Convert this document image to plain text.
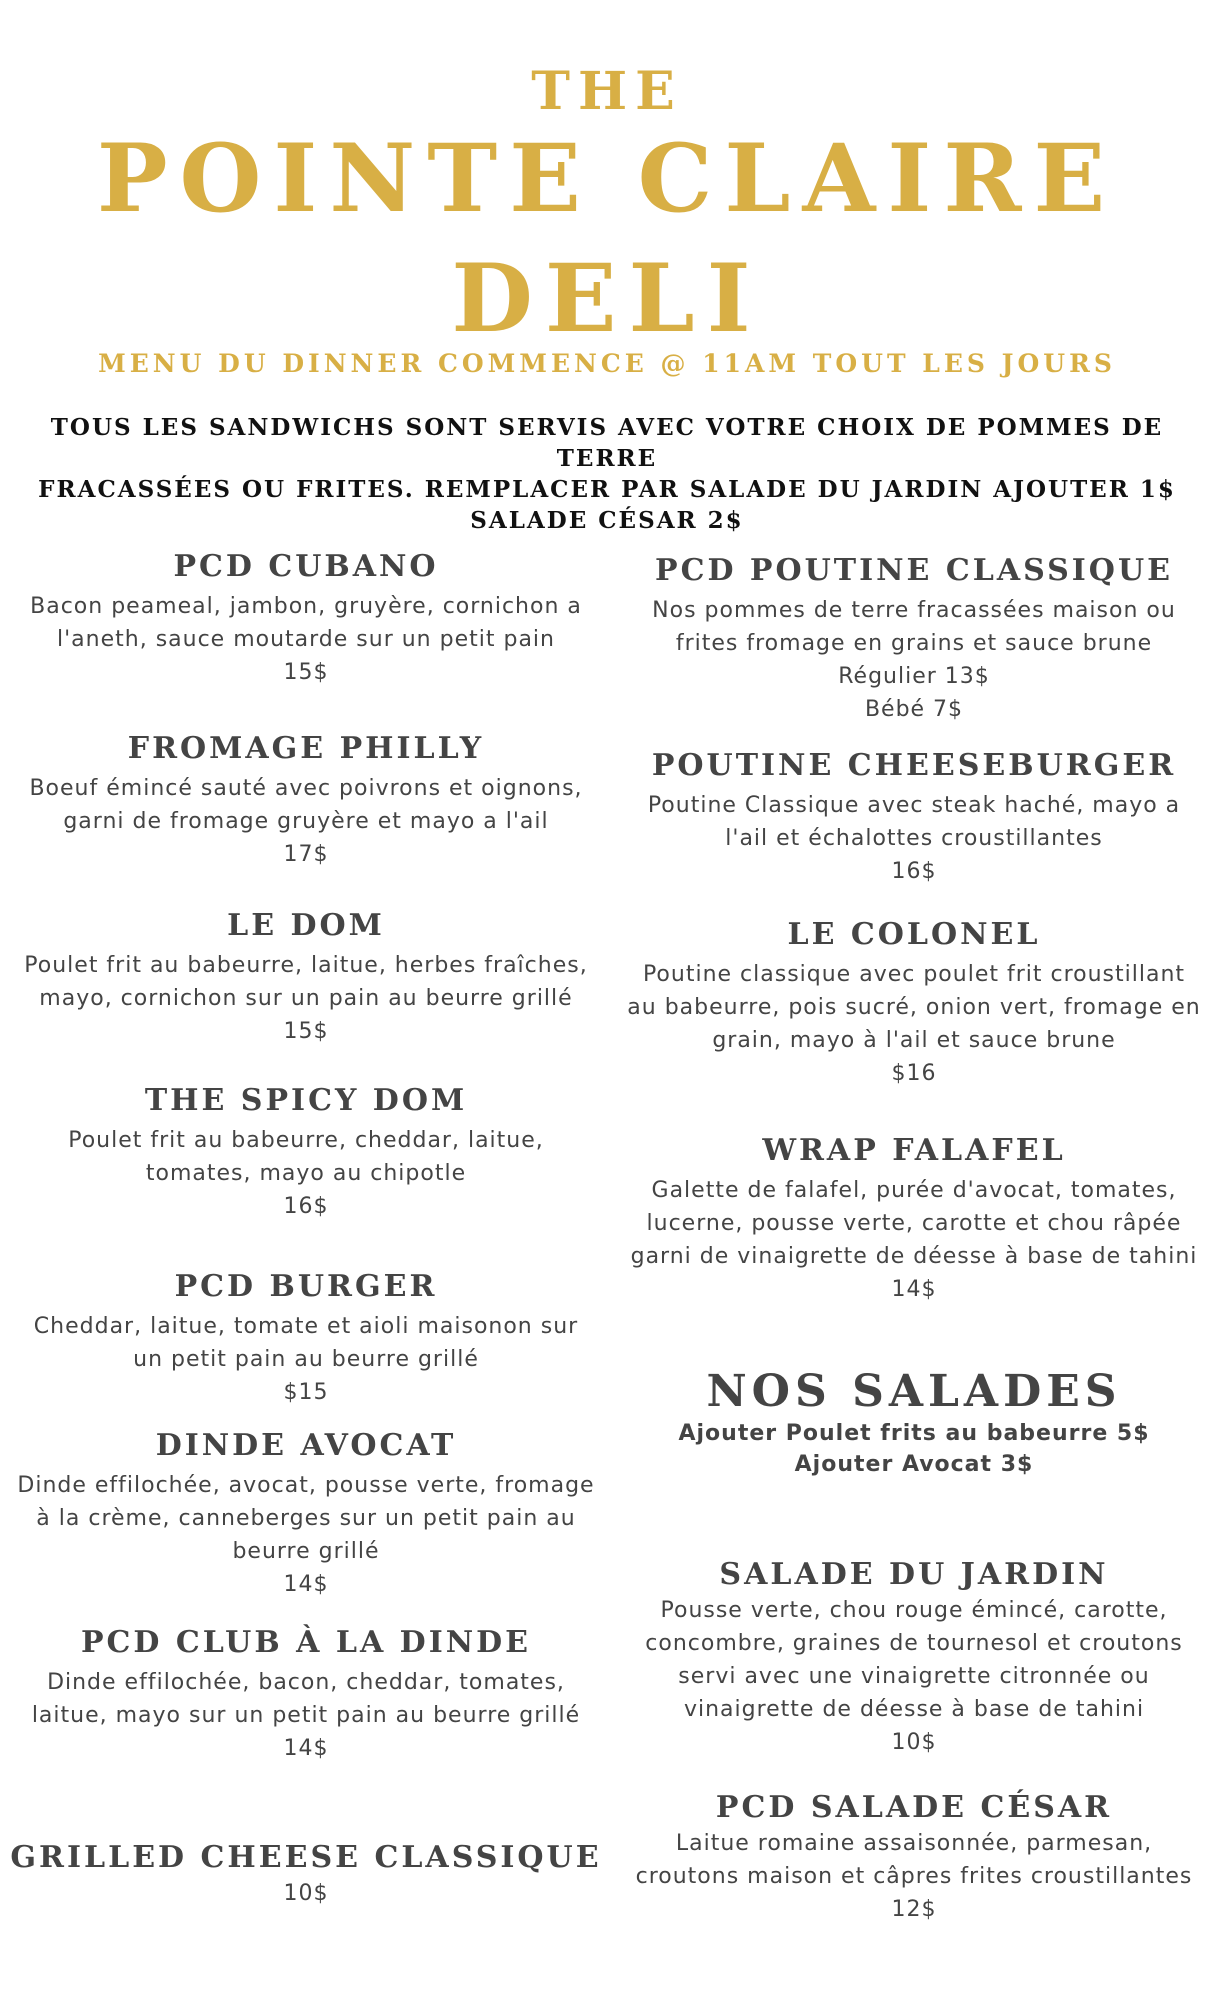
THE
POINTE CLAIRE
DELI
MENU DU DINNER COMMENCE @ 11AM TOUT LES JOURS
TOUS LES SANDWICHS SONT SERVIS AVEC VOTRE CHOIX DE POMMES DE TERRE
FRACASSÉES OU FRITES. REMPLACER PAR SALADE DU JARDIN AJOUTER 1$
SALADE CÉSAR 2$

PCD CUBANO

Bacon peameal, jambon, gruyère, cornichon a
l'aneth, sauce moutarde sur un petit pain

15$

FROMAGE PHILLY

Boeuf émincé sauté avec poivrons et oignons,
garni de fromage gruyère et mayo a l'ail

17$

LE DOM

Poulet frit au babeurre, laitue, herbes fraîches,
mayo, cornichon sur un pain au beurre grillé

15$

THE SPICY DOM

Poulet frit au babeurre, cheddar, laitue,
tomates, mayo au chipotle

16$

PCD BURGER

Cheddar, laitue, tomate et aioli maisonon sur
un petit pain au beurre grillé

$15

DINDE AVOCAT

Dinde effilochée, avocat, pousse verte, fromage
à la crème, canneberges sur un petit pain au
beurre grillé

14$

PCD CLUB À LA DINDE

Dinde effilochée, bacon, cheddar, tomates,
laitue, mayo sur un petit pain au beurre grillé

14$

GRILLED CHEESE CLASSIQUE

10$

PCD POUTINE CLASSIQUE

Nos pommes de terre fracassées maison ou
frites fromage en grains et sauce brune
Régulier 13$

Bébé 7$

POUTINE CHEESEBURGER

Poutine Classique avec steak haché, mayo a
l'ail et échalottes croustillantes

16$

LE COLONEL

Poutine classique avec poulet frit croustillant
au babeurre, pois sucré, onion vert, fromage en
grain, mayo à l'ail et sauce brune

$16

WRAP FALAFEL

Galette de falafel, purée d'avocat, tomates,
lucerne, pousse verte, carotte et chou râpée
garni de vinaigrette de déesse à base de tahini

14$

NOS SALADES

Ajouter Poulet frits au babeurre 5$

Ajouter Avocat 3$

SALADE DU JARDIN

Pousse verte, chou rouge émincé, carotte,
concombre, graines de tournesol et croutons
servi avec une vinaigrette citronnée ou
vinaigrette de déesse à base de tahini

10$

PCD SALADE CÉSAR

Laitue romaine assaisonnée, parmesan,
croutons maison et câpres frites croustillantes

12$
